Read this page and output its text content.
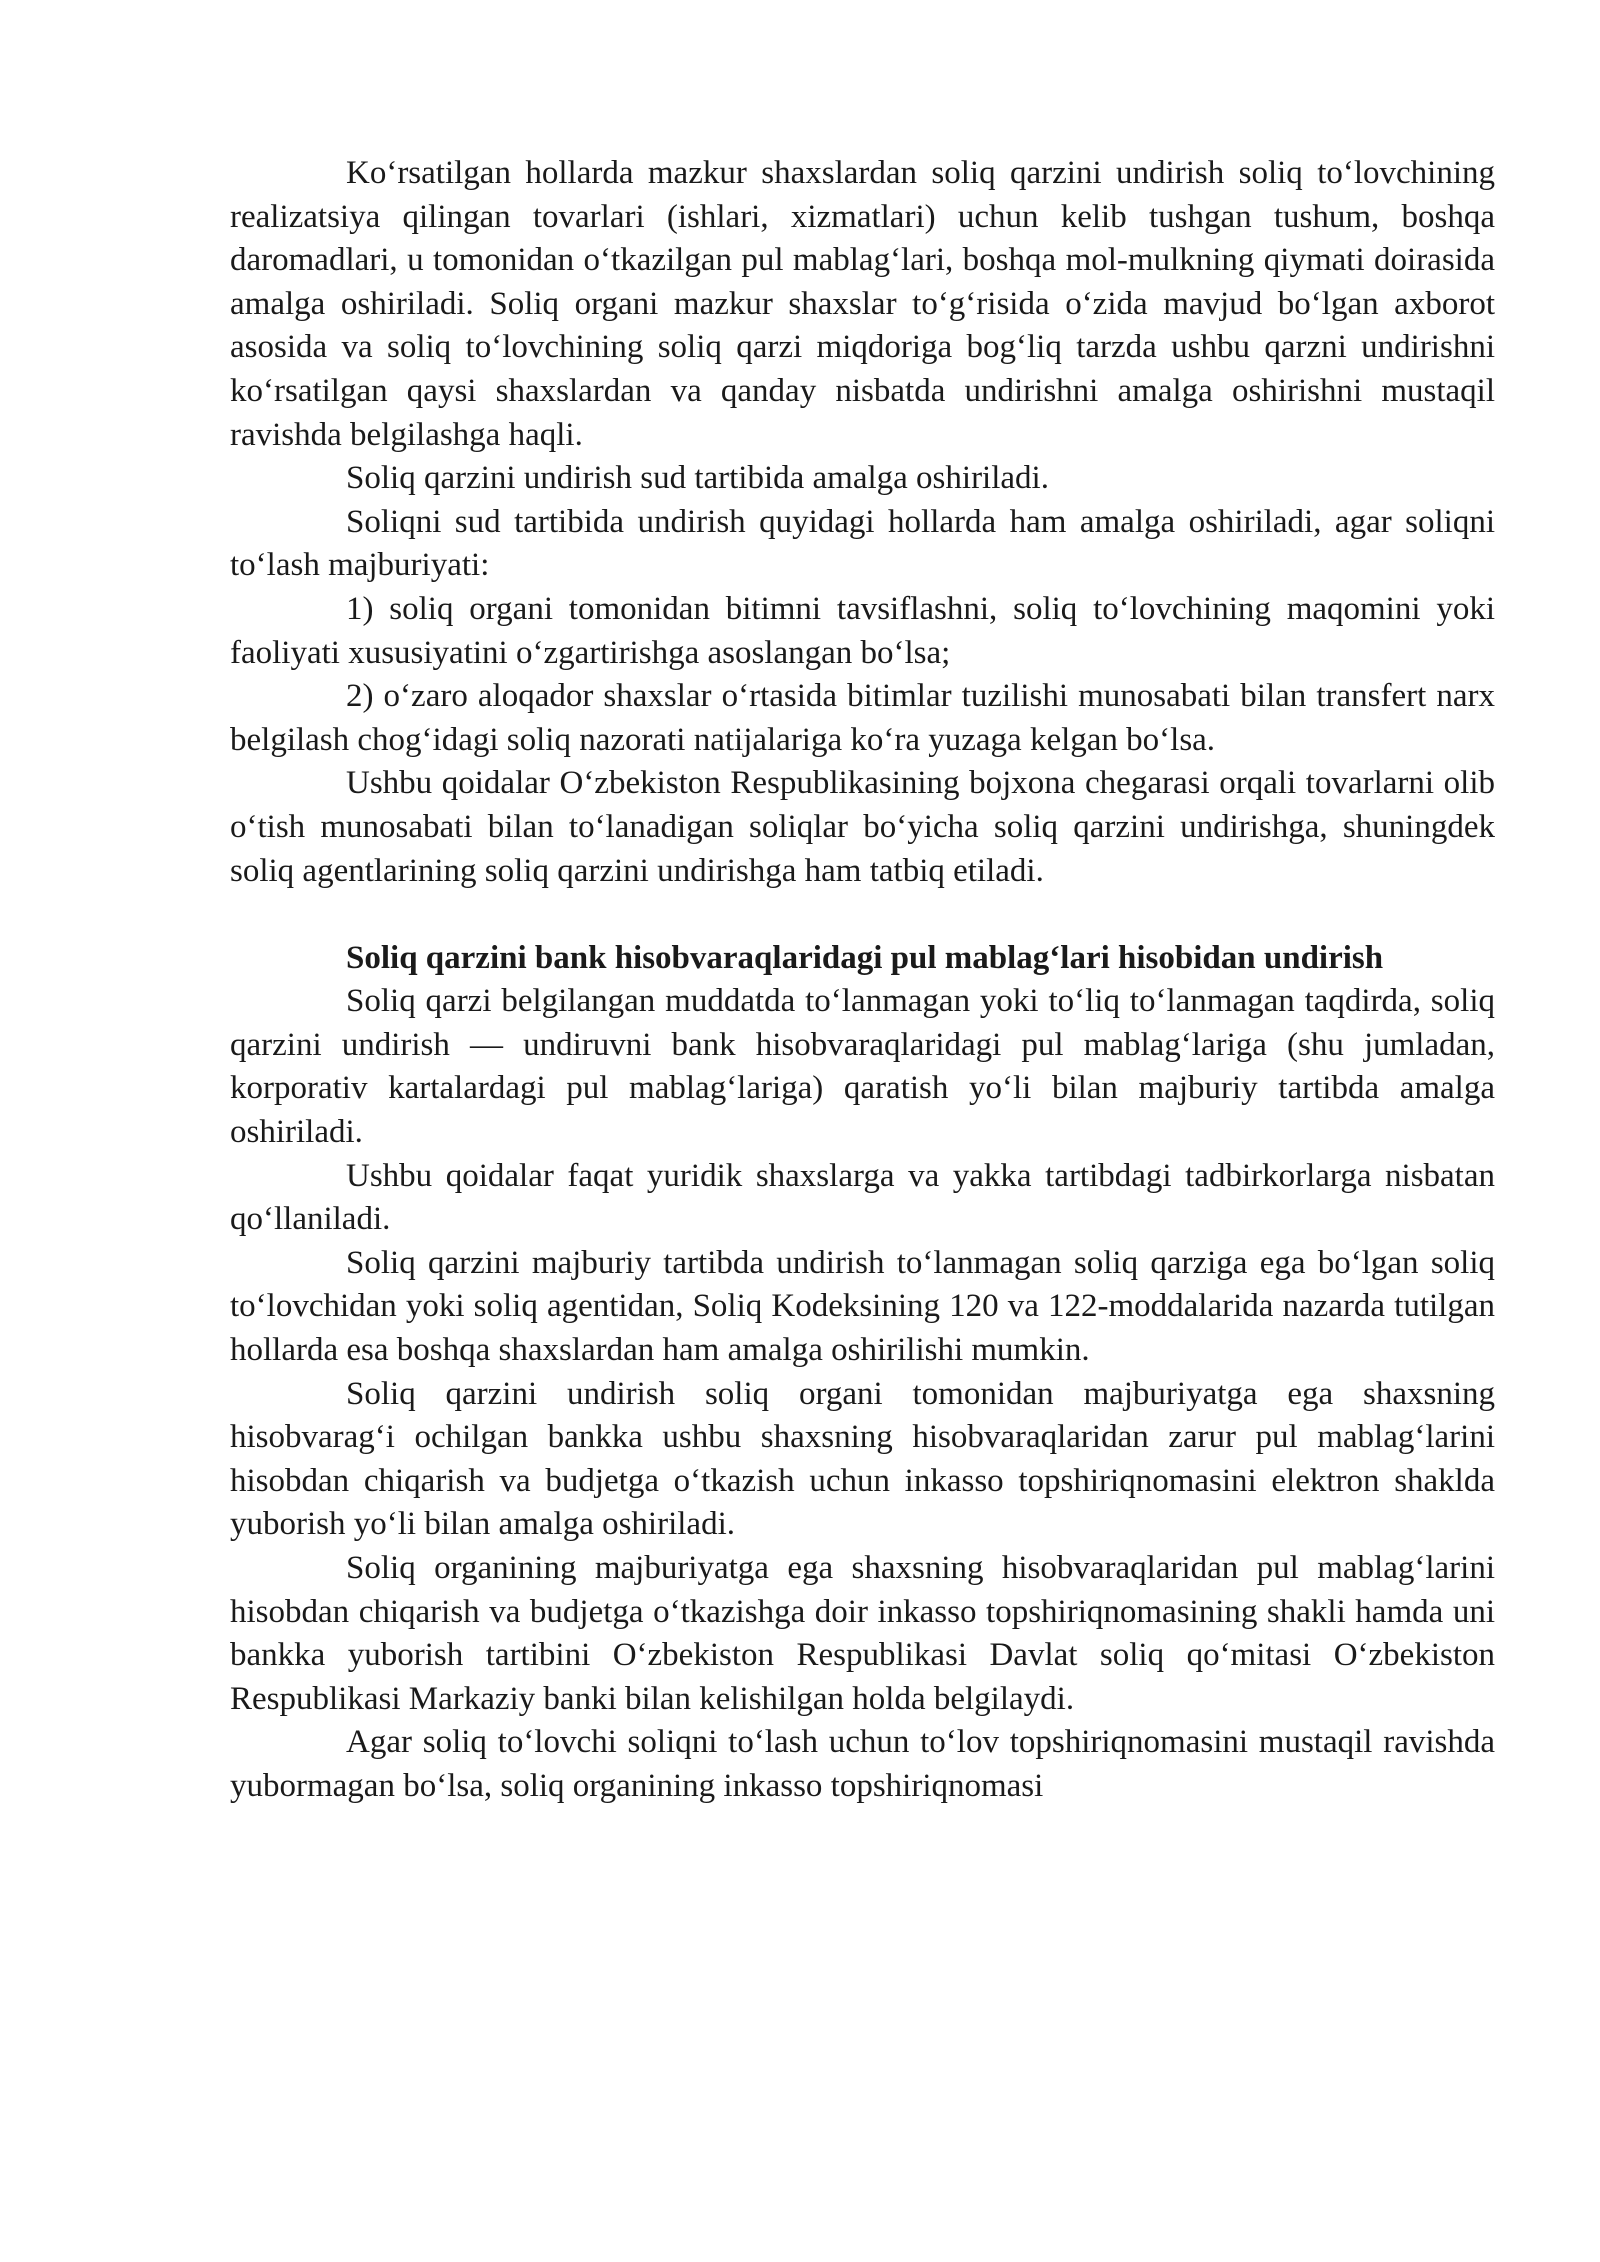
Ko‘rsatilgan hollarda mazkur shaxslardan soliq qarzini undirish soliq to‘lovchining realizatsiya qilingan tovarlari (ishlari, xizmatlari) uchun kelib tushgan tushum, boshqa daromadlari, u tomonidan o‘tkazilgan pul mablag‘lari, boshqa mol-mulkning qiymati doirasida amalga oshiriladi. Soliq organi mazkur shaxslar to‘g‘risida o‘zida mavjud bo‘lgan axborot asosida va soliq to‘lovchining soliq qarzi miqdoriga bog‘liq tarzda ushbu qarzni undirishni ko‘rsatilgan qaysi shaxslardan va qanday nisbatda undirishni amalga oshirishni mustaqil ravishda belgilashga haqli.

Soliq qarzini undirish sud tartibida amalga oshiriladi.

Soliqni sud tartibida undirish quyidagi hollarda ham amalga oshiriladi, agar soliqni to‘lash majburiyati:

1) soliq organi tomonidan bitimni tavsiflashni, soliq to‘lovchining maqomini yoki faoliyati xususiyatini o‘zgartirishga asoslangan bo‘lsa;

2) o‘zaro aloqador shaxslar o‘rtasida bitimlar tuzilishi munosabati bilan transfert narx belgilash chog‘idagi soliq nazorati natijalariga ko‘ra yuzaga kelgan bo‘lsa.

Ushbu qoidalar O‘zbekiston Respublikasining bojxona chegarasi orqali tovarlarni olib o‘tish munosabati bilan to‘lanadigan soliqlar bo‘yicha soliq qarzini undirishga, shuningdek soliq agentlarining soliq qarzini undirishga ham tatbiq etiladi.

Soliq qarzini bank hisobvaraqlaridagi pul mablag‘lari hisobidan undirish

Soliq qarzi belgilangan muddatda to‘lanmagan yoki to‘liq to‘lanmagan taqdirda, soliq qarzini undirish — undiruvni bank hisobvaraqlaridagi pul mablag‘lariga (shu jumladan, korporativ kartalardagi pul mablag‘lariga) qaratish yo‘li bilan majburiy tartibda amalga oshiriladi.

Ushbu qoidalar faqat yuridik shaxslarga va yakka tartibdagi tadbirkorlarga nisbatan qo‘llaniladi.

Soliq qarzini majburiy tartibda undirish to‘lanmagan soliq qarziga ega bo‘lgan soliq to‘lovchidan yoki soliq agentidan, Soliq Kodeksining 120 va 122-moddalarida nazarda tutilgan hollarda esa boshqa shaxslardan ham amalga oshirilishi mumkin.

Soliq qarzini undirish soliq organi tomonidan majburiyatga ega shaxsning hisobvarag‘i ochilgan bankka ushbu shaxsning hisobvaraqlaridan zarur pul mablag‘larini hisobdan chiqarish va budjetga o‘tkazish uchun inkasso topshiriqnomasini elektron shaklda yuborish yo‘li bilan amalga oshiriladi.

Soliq organining majburiyatga ega shaxsning hisobvaraqlaridan pul mablag‘larini hisobdan chiqarish va budjetga o‘tkazishga doir inkasso topshiriqnomasining shakli hamda uni bankka yuborish tartibini O‘zbekiston Respublikasi Davlat soliq qo‘mitasi O‘zbekiston Respublikasi Markaziy banki bilan kelishilgan holda belgilaydi.

Agar soliq to‘lovchi soliqni to‘lash uchun to‘lov topshiriqnomasini mustaqil ravishda yubormagan bo‘lsa, soliq organining inkasso topshiriqnomasi
